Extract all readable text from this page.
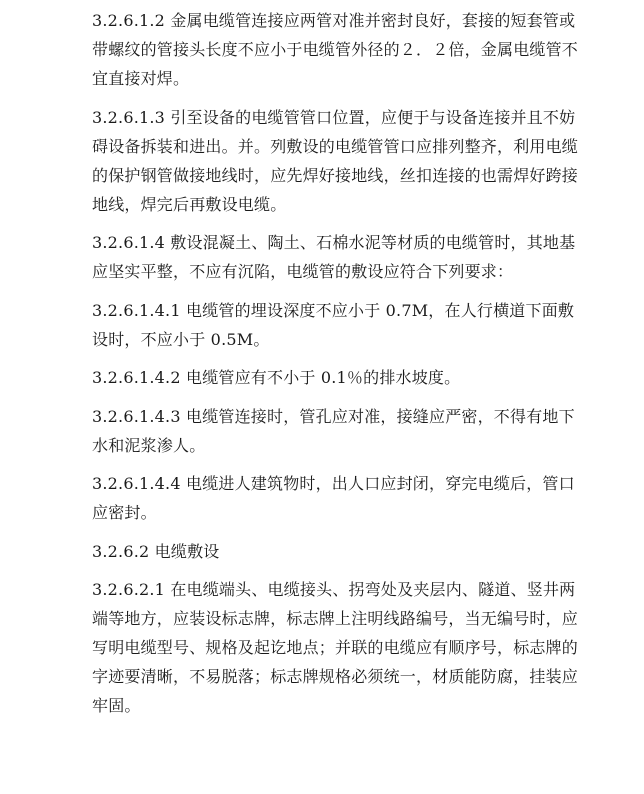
3.2.6.1.2 金属电缆管连接应两管对准并密封良好，套接的短套管或带螺纹的管接头长度不应小于电缆管外径的２．２倍，金属电缆管不宜直接对焊。

3.2.6.1.3 引至设备的电缆管管口位置，应便于与设备连接并且不妨碍设备拆装和进出。并。列敷设的电缆管管口应排列整齐，利用电缆的保护钢管做接地线时，应先焊好接地线，丝扣连接的也需焊好跨接地线，焊完后再敷设电缆。

3.2.6.1.4 敷设混凝土、陶土、石棉水泥等材质的电缆管时，其地基应坚实平整，不应有沉陷，电缆管的敷设应符合下列要求：

3.2.6.1.4.1 电缆管的埋设深度不应小于 0.7M，在人行横道下面敷设时，不应小于 0.5M。

3.2.6.1.4.2 电缆管应有不小于 0.1％的排水坡度。

3.2.6.1.4.3 电缆管连接时，管孔应对准，接缝应严密，不得有地下水和泥浆渗人。

3.2.6.1.4.4 电缆进人建筑物时，出人口应封闭，穿完电缆后，管口应密封。

3.2.6.2 电缆敷设

3.2.6.2.1 在电缆端头、电缆接头、拐弯处及夹层内、隧道、竖井两端等地方，应装设标志牌，标志牌上注明线路编号，当无编号时，应写明电缆型号、规格及起讫地点；并联的电缆应有顺序号，标志牌的字迹要清晰，不易脱落；标志牌规格必须统一，材质能防腐，挂装应牢固。
